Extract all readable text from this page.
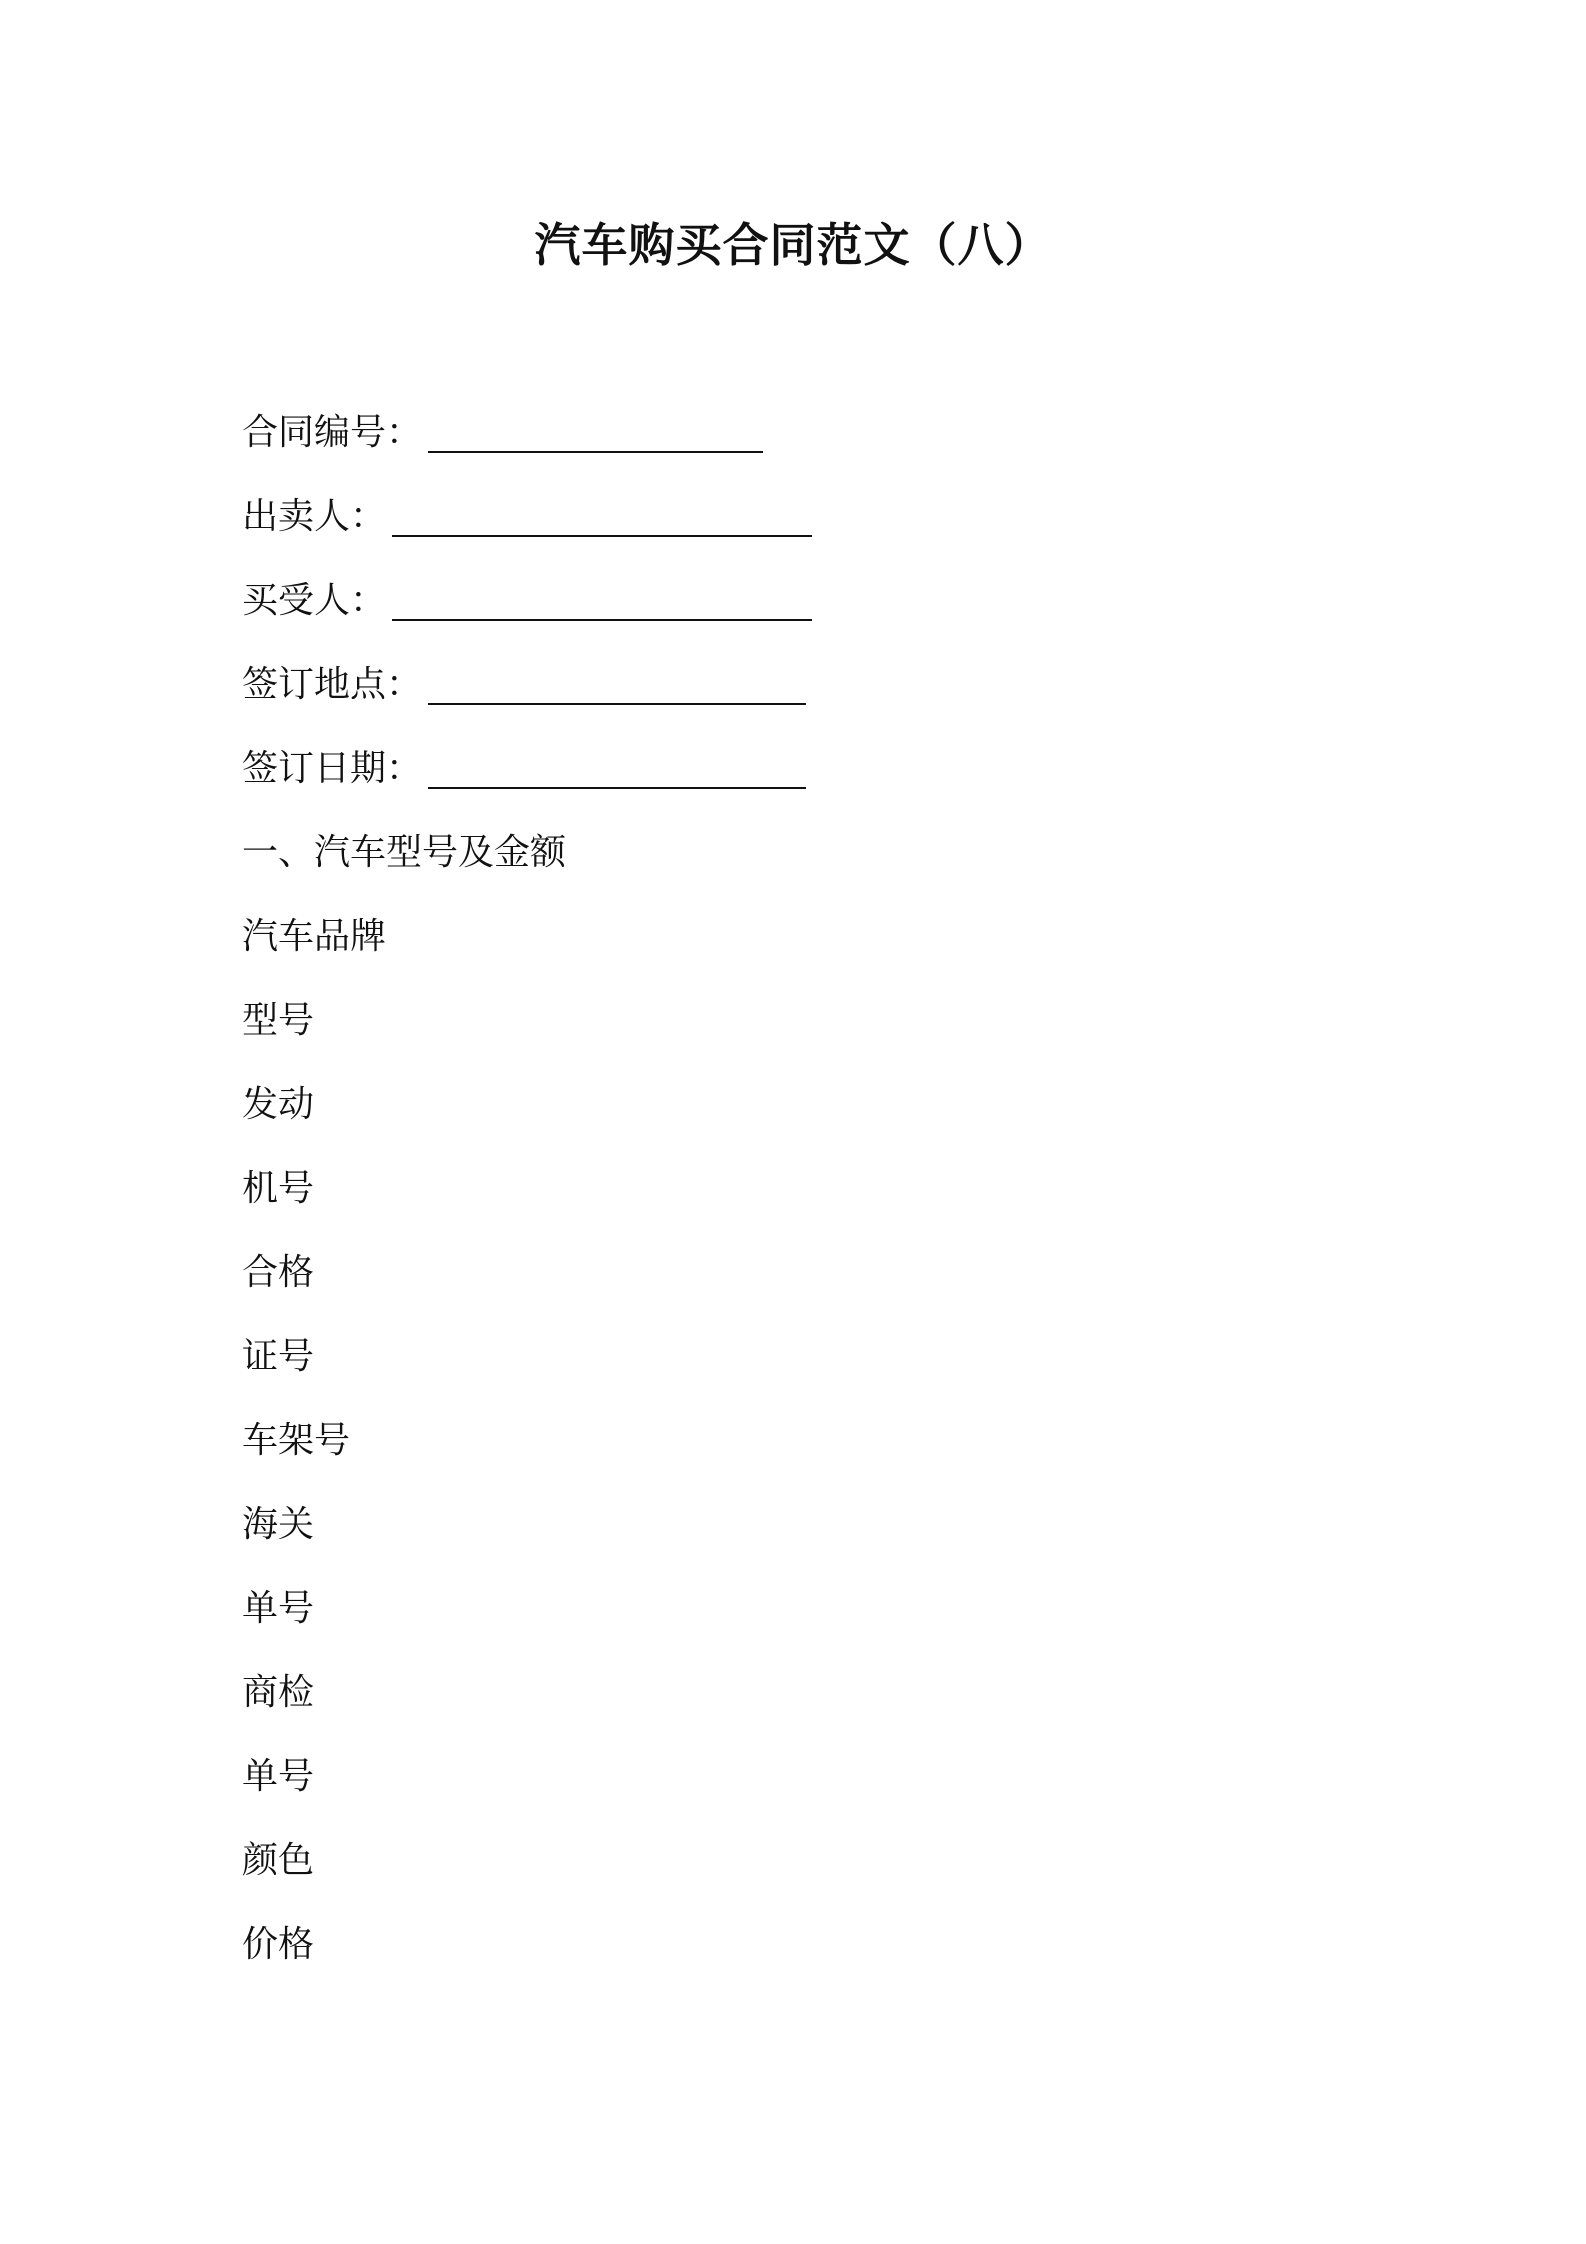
汽车购买合同范文（八）
合同编号：
出卖人：
买受人：
签订地点：
签订日期：
一、汽车型号及金额
汽车品牌
型号
发动
机号
合格
证号
车架号
海关
单号
商检
单号
颜色
价格
